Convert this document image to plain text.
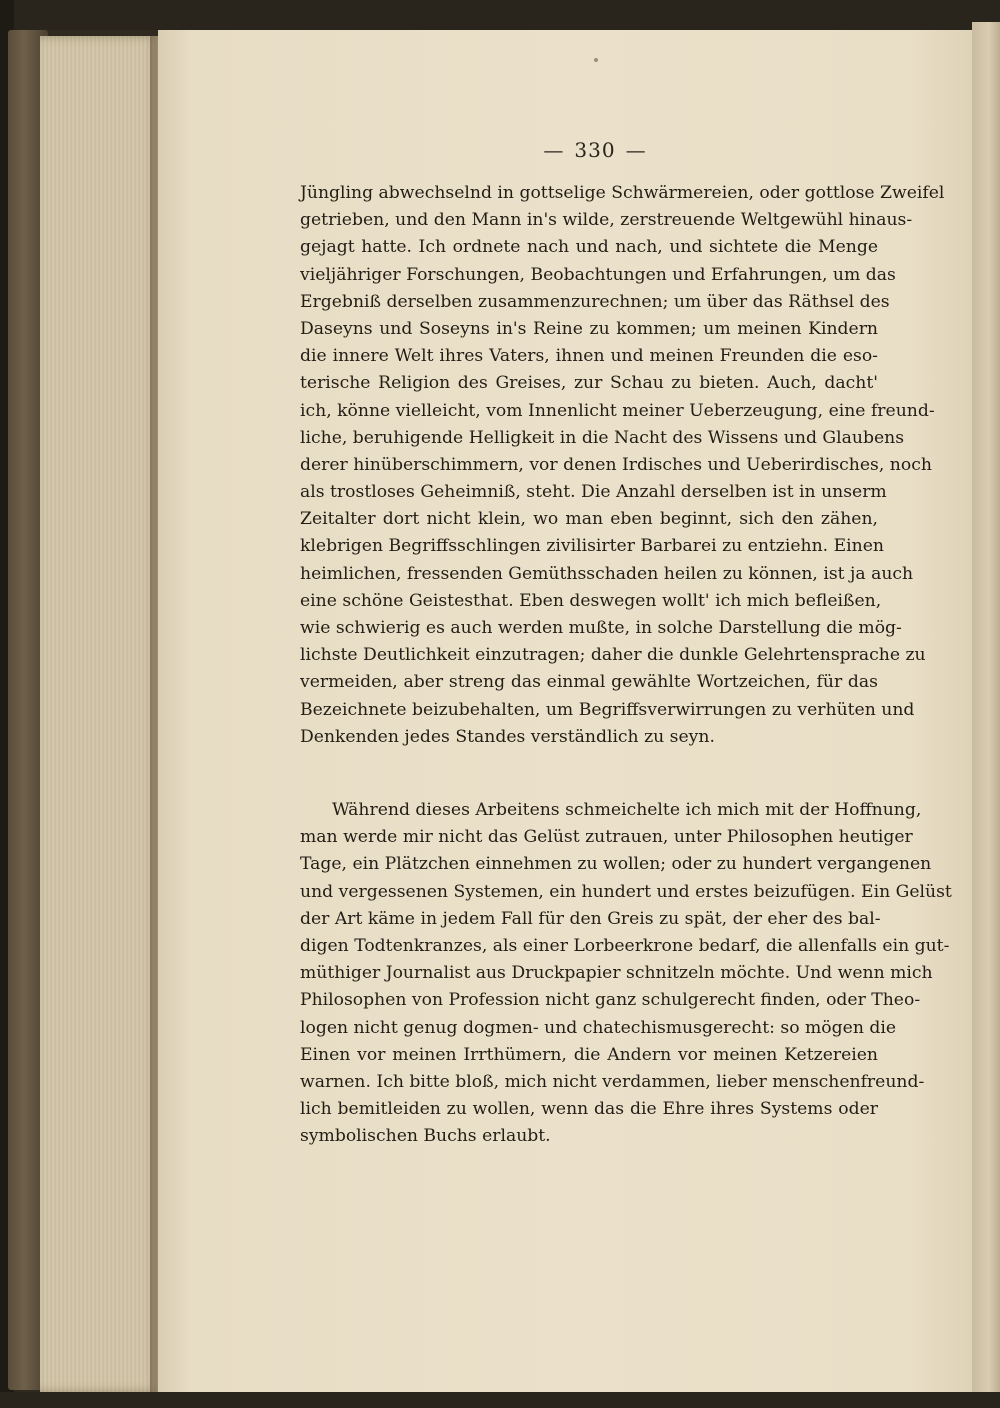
— 330 —
Jüngling abwechselnd in gottselige Schwärmereien, oder gottlose Zweifel
getrieben, und den Mann in's wilde, zerstreuende Weltgewühl hinaus-
gejagt hatte. Ich ordnete nach und nach, und sichtete die Menge
vieljähriger Forschungen, Beobachtungen und Erfahrungen, um das
Ergebniß derselben zusammenzurechnen; um über das Räthsel des
Daseyns und Soseyns in's Reine zu kommen; um meinen Kindern
die innere Welt ihres Vaters, ihnen und meinen Freunden die eso-
terische Religion des Greises, zur Schau zu bieten. Auch, dacht'
ich, könne vielleicht, vom Innenlicht meiner Ueberzeugung, eine freund-
liche, beruhigende Helligkeit in die Nacht des Wissens und Glaubens
derer hinüberschimmern, vor denen Irdisches und Ueberirdisches, noch
als trostloses Geheimniß, steht. Die Anzahl derselben ist in unserm
Zeitalter dort nicht klein, wo man eben beginnt, sich den zähen,
klebrigen Begriffsschlingen zivilisirter Barbarei zu entziehn. Einen
heimlichen, fressenden Gemüthsschaden heilen zu können, ist ja auch
eine schöne Geistesthat. Eben deswegen wollt' ich mich befleißen,
wie schwierig es auch werden mußte, in solche Darstellung die mög-
lichste Deutlichkeit einzutragen; daher die dunkle Gelehrtensprache zu
vermeiden, aber streng das einmal gewählte Wortzeichen, für das
Bezeichnete beizubehalten, um Begriffsverwirrungen zu verhüten und
Denkenden jedes Standes verständlich zu seyn.
Während dieses Arbeitens schmeichelte ich mich mit der Hoffnung,
man werde mir nicht das Gelüst zutrauen, unter Philosophen heutiger
Tage, ein Plätzchen einnehmen zu wollen; oder zu hundert vergangenen
und vergessenen Systemen, ein hundert und erstes beizufügen. Ein Gelüst
der Art käme in jedem Fall für den Greis zu spät, der eher des bal-
digen Todtenkranzes, als einer Lorbeerkrone bedarf, die allenfalls ein gut-
müthiger Journalist aus Druckpapier schnitzeln möchte. Und wenn mich
Philosophen von Profession nicht ganz schulgerecht finden, oder Theo-
logen nicht genug dogmen- und chatechismusgerecht: so mögen die
Einen vor meinen Irrthümern, die Andern vor meinen Ketzereien
warnen. Ich bitte bloß, mich nicht verdammen, lieber menschenfreund-
lich bemitleiden zu wollen, wenn das die Ehre ihres Systems oder
symbolischen Buchs erlaubt.
